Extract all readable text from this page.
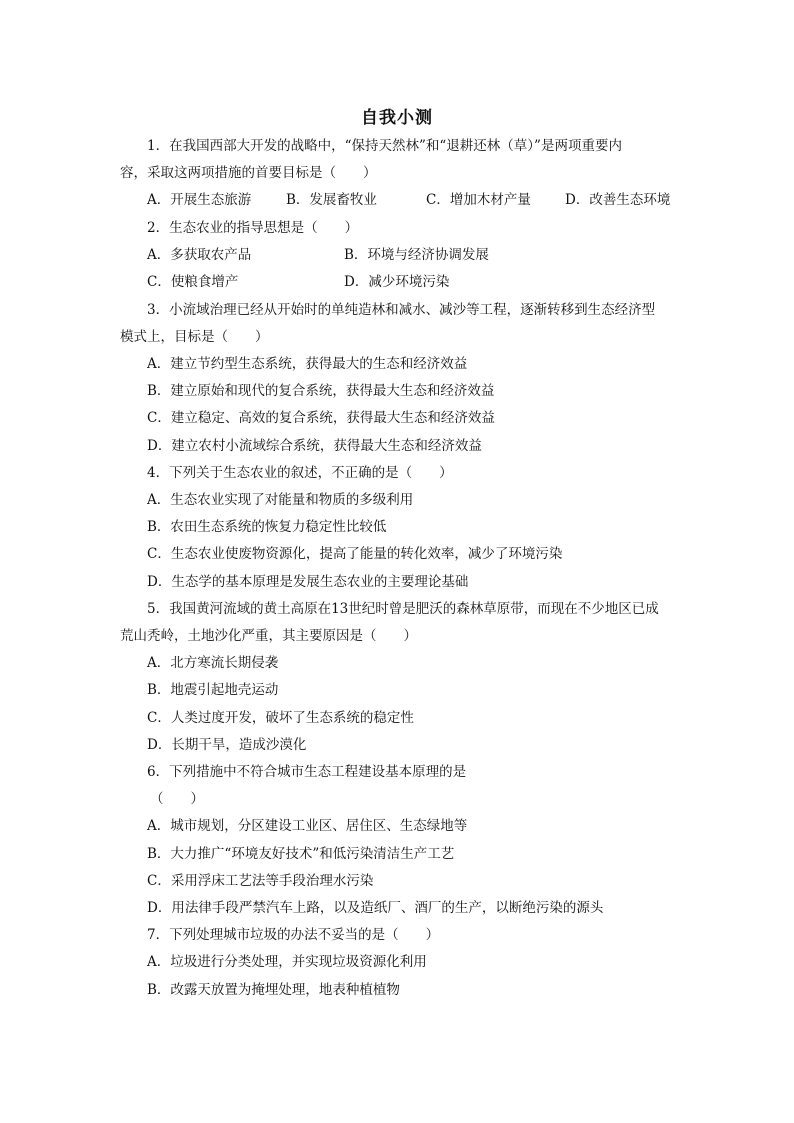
自我小测
1．在我国西部大开发的战略中，“保持天然林”和“退耕还林（草）”是两项重要内
容，采取这两项措施的首要目标是（　　）
A．开展生态旅游	B．发展畜牧业	C．增加木材产量	D．改善生态环境
2．生态农业的指导思想是（　　）
A．多获取农产品	B．环境与经济协调发展
C．使粮食增产	D．减少环境污染
3．小流域治理已经从开始时的单纯造林和减水、减沙等工程，逐渐转移到生态经济型
模式上，目标是（　　）
A．建立节约型生态系统，获得最大的生态和经济效益
B．建立原始和现代的复合系统，获得最大生态和经济效益
C．建立稳定、高效的复合系统，获得最大生态和经济效益
D．建立农村小流域综合系统，获得最大生态和经济效益
4．下列关于生态农业的叙述，不正确的是（　　）
A．生态农业实现了对能量和物质的多级利用
B．农田生态系统的恢复力稳定性比较低
C．生态农业使废物资源化，提高了能量的转化效率，减少了环境污染
D．生态学的基本原理是发展生态农业的主要理论基础
5．我国黄河流域的黄土高原在13世纪时曾是肥沃的森林草原带，而现在不少地区已成
荒山秃岭，土地沙化严重，其主要原因是（　　）
A．北方寒流长期侵袭
B．地震引起地壳运动
C．人类过度开发，破坏了生态系统的稳定性
D．长期干旱，造成沙漠化
6．下列措施中不符合城市生态工程建设基本原理的是
（　　）
A．城市规划，分区建设工业区、居住区、生态绿地等
B．大力推广“环境友好技术”和低污染清洁生产工艺
C．采用浮床工艺法等手段治理水污染
D．用法律手段严禁汽车上路，以及造纸厂、酒厂的生产，以断绝污染的源头
7．下列处理城市垃圾的办法不妥当的是（　　）
A．垃圾进行分类处理，并实现垃圾资源化利用
B．改露天放置为掩埋处理，地表种植植物
